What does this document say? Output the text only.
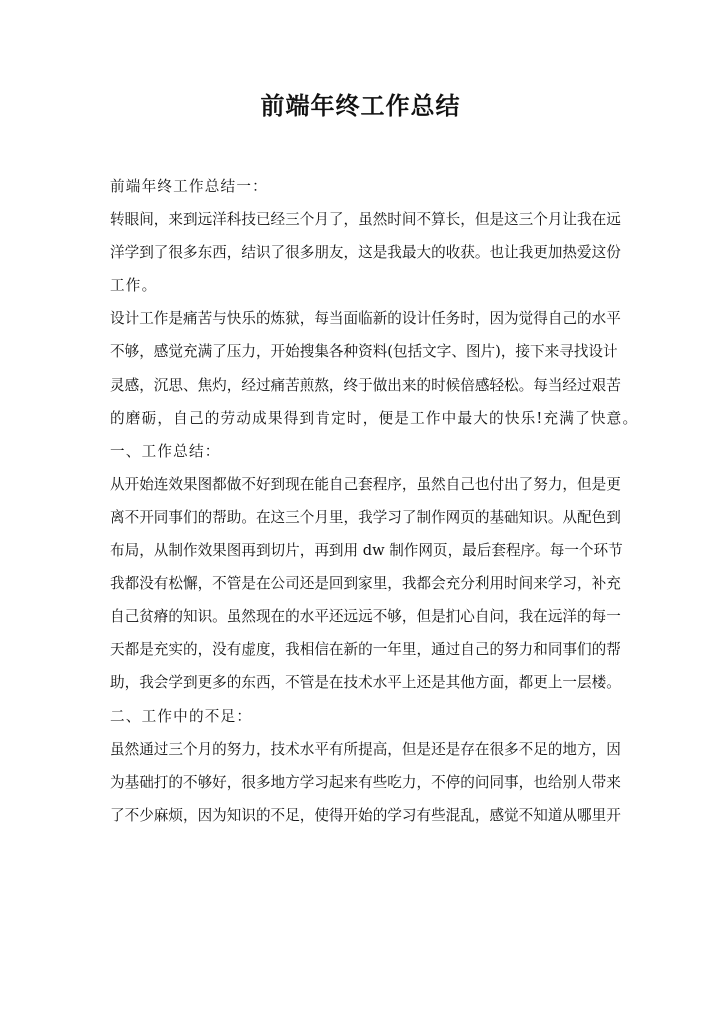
前端年终工作总结
前端年终工作总结一：
转眼间，来到远洋科技已经三个月了，虽然时间不算长，但是这三个月让我在远
洋学到了很多东西，结识了很多朋友，这是我最大的收获。也让我更加热爱这份
工作。
设计工作是痛苦与快乐的炼狱，每当面临新的设计任务时，因为觉得自己的水平
不够，感觉充满了压力，开始搜集各种资料(包括文字、图片)，接下来寻找设计
灵感，沉思、焦灼，经过痛苦煎熬，终于做出来的时候倍感轻松。每当经过艰苦
的磨砺，自己的劳动成果得到肯定时，便是工作中最大的快乐!充满了快意。
一、工作总结：
从开始连效果图都做不好到现在能自己套程序，虽然自己也付出了努力，但是更
离不开同事们的帮助。在这三个月里，我学习了制作网页的基础知识。从配色到
布局，从制作效果图再到切片，再到用 dw 制作网页，最后套程序。每一个环节
我都没有松懈，不管是在公司还是回到家里，我都会充分利用时间来学习，补充
自己贫瘠的知识。虽然现在的水平还远远不够，但是扪心自问，我在远洋的每一
天都是充实的，没有虚度，我相信在新的一年里，通过自己的努力和同事们的帮
助，我会学到更多的东西，不管是在技术水平上还是其他方面，都更上一层楼。
二、工作中的不足：
虽然通过三个月的努力，技术水平有所提高，但是还是存在很多不足的地方，因
为基础打的不够好，很多地方学习起来有些吃力，不停的问同事，也给别人带来
了不少麻烦，因为知识的不足，使得开始的学习有些混乱，感觉不知道从哪里开
